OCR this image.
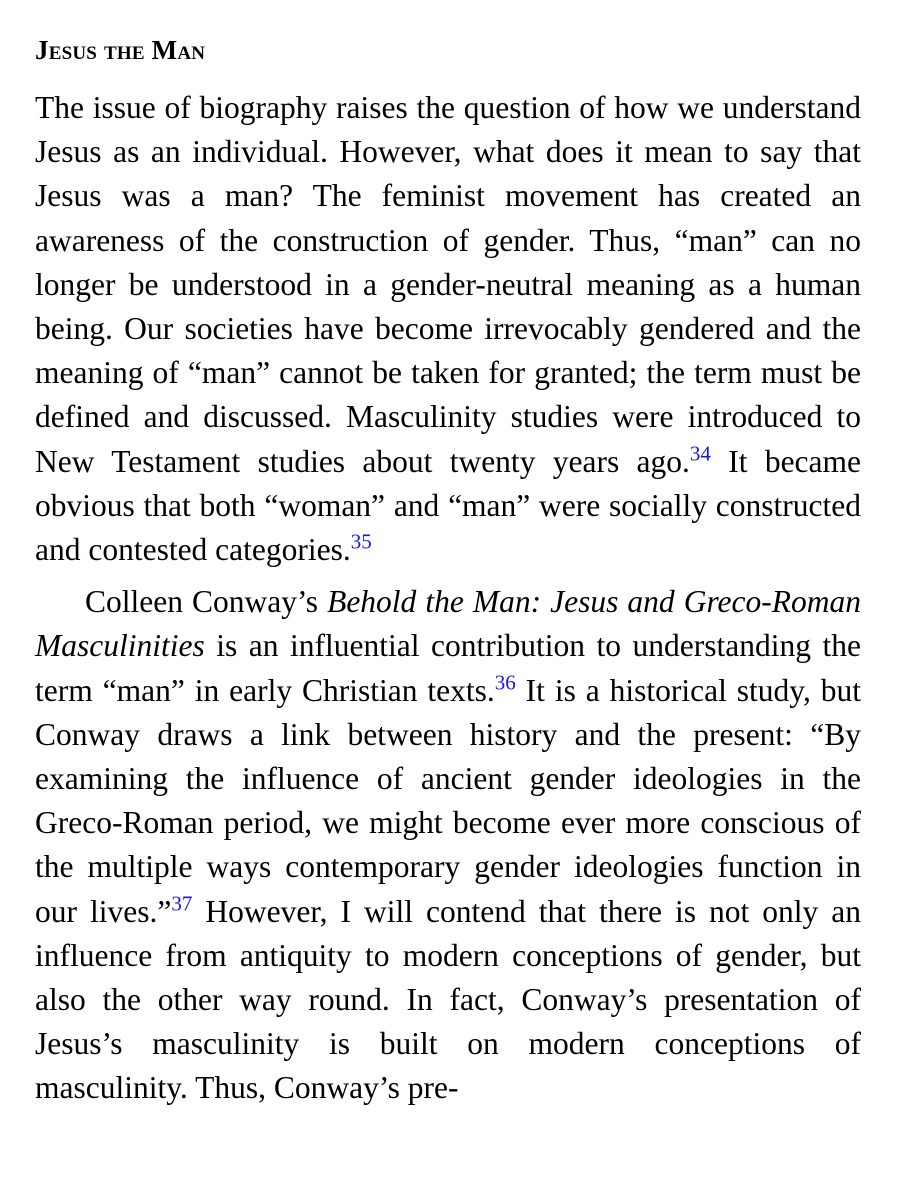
Jesus the Man

The issue of biography raises the question of how we understand Jesus as an individual. However, what does it mean to say that Jesus was a man? The feminist movement has created an awareness of the construction of gender. Thus, “man” can no longer be understood in a gender-neutral meaning as a human being. Our societies have become irrevocably gendered and the meaning of “man” cannot be taken for granted; the term must be defined and discussed. Masculinity studies were introduced to New Testament studies about twenty years ago.$^{34}$ It became obvious that both “woman” and “man” were socially constructed and contested categories.$^{35}$

Colleen Conway’s Behold the Man: Jesus and Greco-Roman Masculinities is an influential contribution to understanding the term “man” in early Christian texts.$^{36}$ It is a historical study, but Conway draws a link between history and the present: “By examining the influence of ancient gender ideologies in the Greco-Roman period, we might become ever more conscious of the multiple ways contemporary gender ideologies function in our lives.”$^{37}$ However, I will contend that there is not only an influence from antiquity to modern conceptions of gender, but also the other way round. In fact, Conway’s presentation of Jesus’s masculinity is built on modern conceptions of masculinity. Thus, Conway’s pre-
